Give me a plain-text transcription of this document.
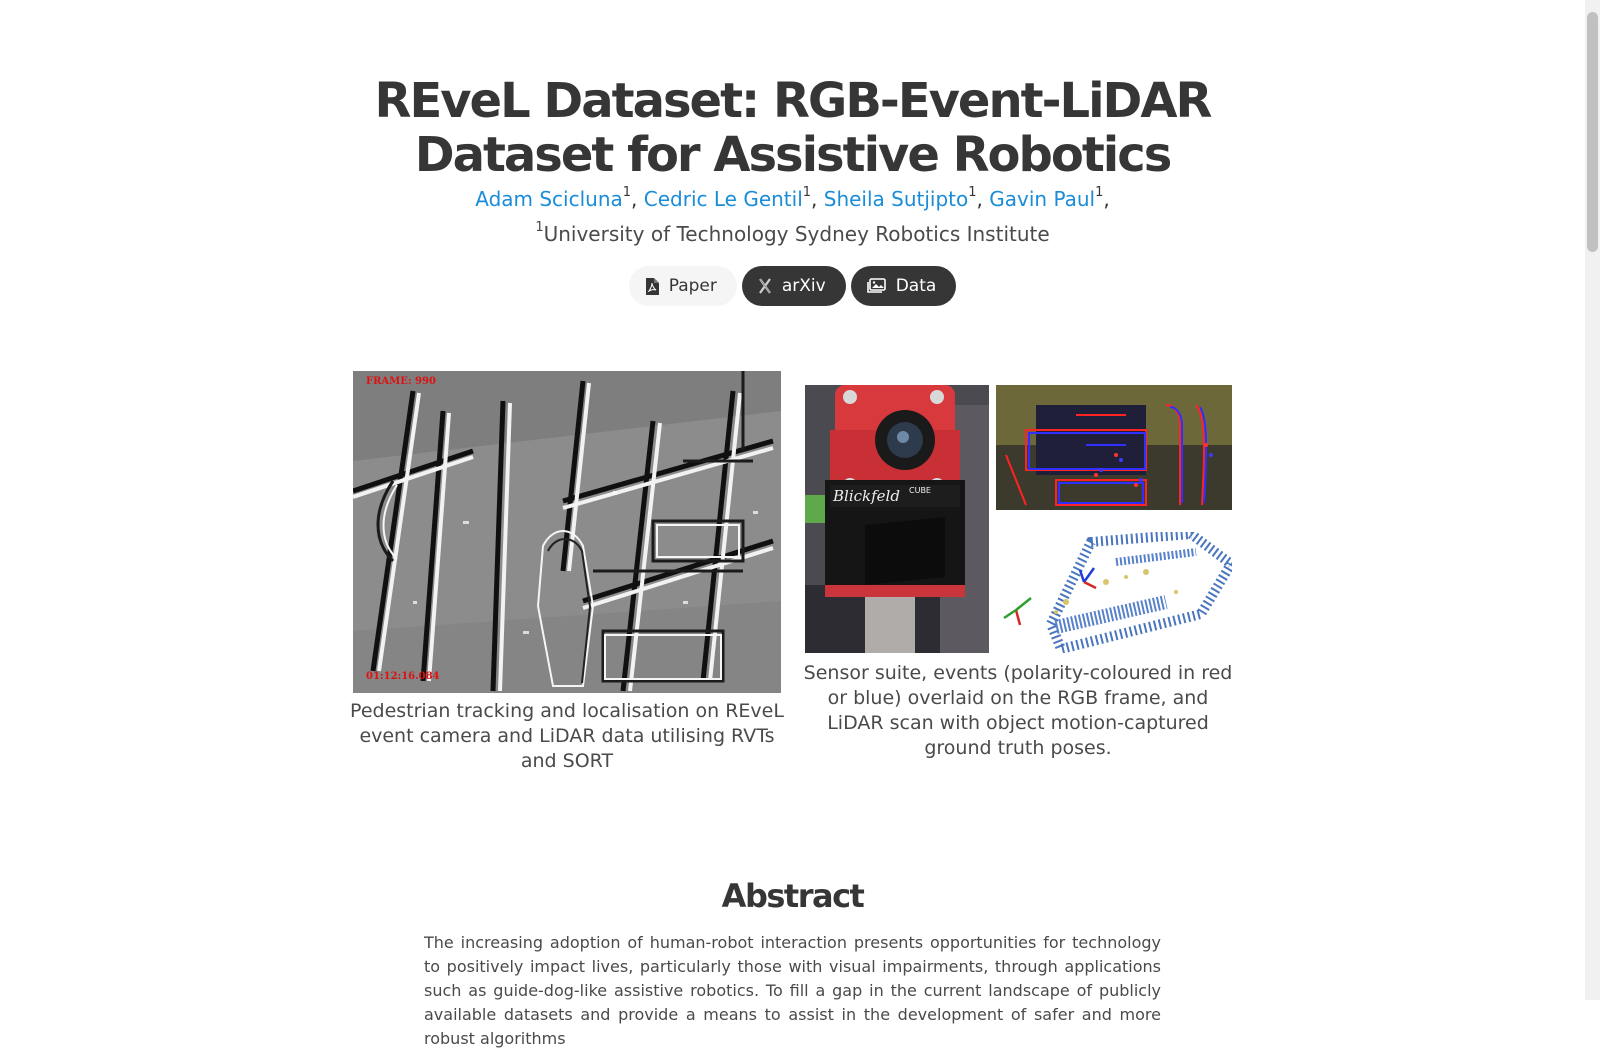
REveL Dataset: RGB-Event-LiDAR Dataset for Assistive Robotics
Adam Scicluna$^1$, Cedric Le Gentil$^1$, Sheila Sutjipto$^1$, Gavin Paul$^1$,
$^1$University of Technology Sydney Robotics Institute
Paper	arXiv	Data
FRAME: 990
01:12:16.084
Pedestrian tracking and localisation on REveL event camera and LiDAR data utilising RVTs and SORT
Blickfeld CUBE
Sensor suite, events (polarity-coloured in red or blue) overlaid on the RGB frame, and LiDAR scan with object motion-captured ground truth poses.
Abstract

The increasing adoption of human-robot interaction presents opportunities for technology to positively impact lives, particularly those with visual impairments, through applications such as guide-dog-like assistive robotics. To fill a gap in the current landscape of publicly available datasets and provide a means to assist in the development of safer and more robust algorithms
